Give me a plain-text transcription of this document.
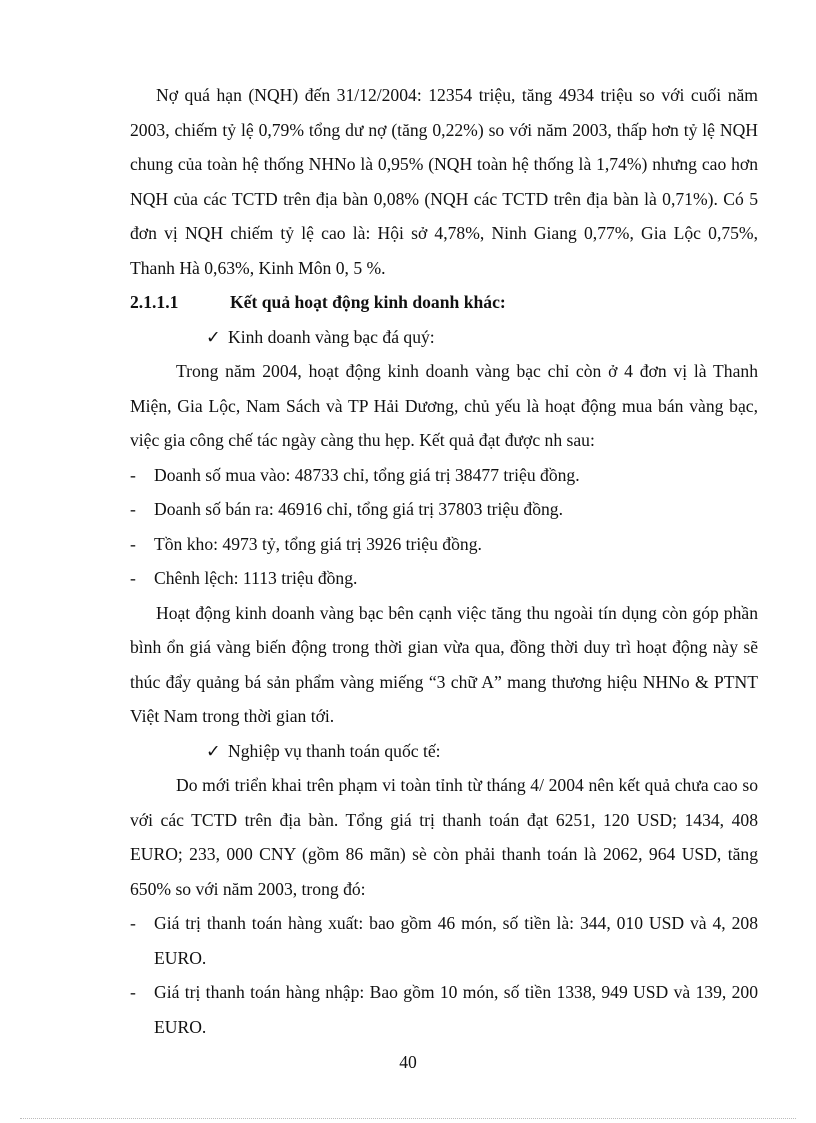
Nợ quá hạn (NQH) đến 31/12/2004: 12354 triệu, tăng 4934 triệu so với cuối năm 2003, chiếm tỷ lệ 0,79% tổng dư nợ (tăng 0,22%) so với năm 2003, thấp hơn tỷ lệ NQH chung của toàn hệ thống NHNo là 0,95% (NQH toàn hệ thống là 1,74%) nhưng cao hơn NQH của các TCTD trên địa bàn 0,08% (NQH các TCTD trên địa bàn là 0,71%). Có 5 đơn vị NQH chiếm tỷ lệ cao là: Hội sở 4,78%, Ninh Giang 0,77%, Gia Lộc 0,75%, Thanh Hà 0,63%, Kinh Môn 0, 5 %.

2.1.1.1	Kết quả hoạt động kinh doanh khác:

✓ Kinh doanh vàng bạc đá quý:

Trong năm 2004, hoạt động kinh doanh vàng bạc chỉ còn ở 4 đơn vị là Thanh Miện, Gia Lộc, Nam Sách và TP Hải Dương, chủ yếu là hoạt động mua bán vàng bạc, việc gia công chế tác ngày càng thu hẹp. Kết quả đạt được nh sau:

- Doanh số mua vào: 48733 chỉ, tổng giá trị 38477 triệu đồng.

- Doanh số bán ra: 46916 chỉ, tổng giá trị 37803 triệu đồng.

- Tồn kho: 4973 tỷ, tổng giá trị 3926 triệu đồng.

- Chênh lệch: 1113 triệu đồng.

Hoạt động kinh doanh vàng bạc bên cạnh việc tăng thu ngoài tín dụng còn góp phần bình ổn giá vàng biến động trong thời gian vừa qua, đồng thời duy trì hoạt động này sẽ thúc đẩy quảng bá sản phẩm vàng miếng “3 chữ A” mang thương hiệu NHNo & PTNT Việt Nam trong thời gian tới.

✓ Nghiệp vụ thanh toán quốc tế:

Do mới triển khai trên phạm vi toàn tỉnh từ tháng 4/ 2004 nên kết quả chưa cao so với các TCTD trên địa bàn. Tổng giá trị thanh toán đạt 6251, 120 USD; 1434, 408 EURO; 233, 000 CNY (gồm 86 mãn) sè còn phải thanh toán là 2062, 964 USD, tăng 650% so với năm 2003, trong đó:

- Giá trị thanh toán hàng xuất: bao gồm 46 món, số tiền là: 344, 010 USD và 4, 208 EURO.

- Giá trị thanh toán hàng nhập: Bao gồm 10 món, số tiền 1338, 949 USD và 139, 200 EURO.

40
